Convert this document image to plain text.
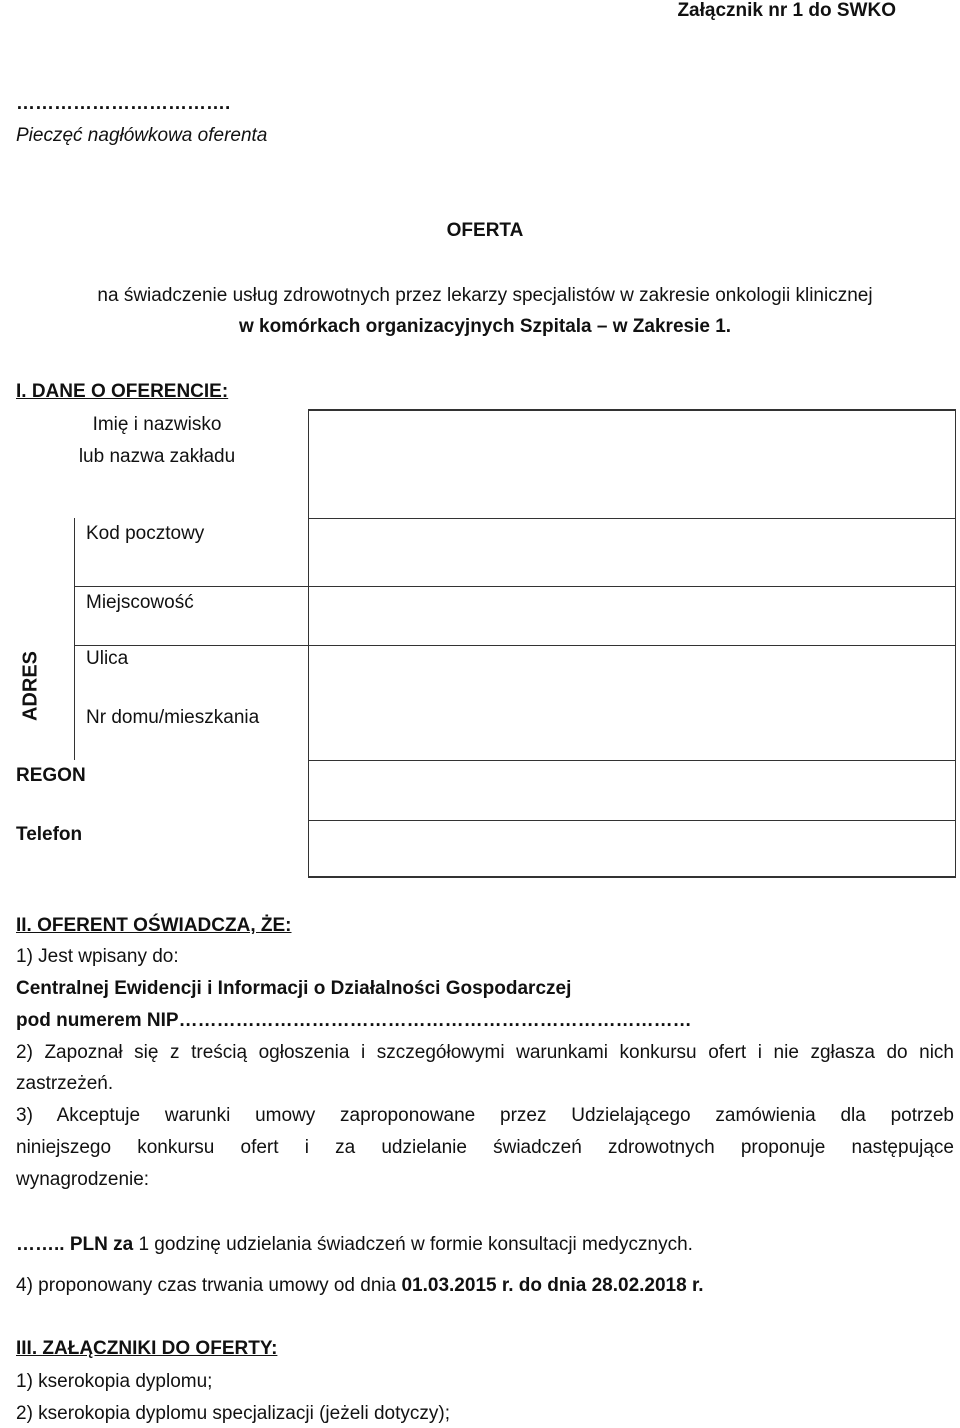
Załącznik nr 1 do SWKO
…………………………….
Pieczęć nagłówkowa oferenta
OFERTA
na świadczenie usług zdrowotnych przez lekarzy specjalistów w zakresie onkologii klinicznej
w komórkach organizacyjnych Szpitala – w Zakresie 1.
I. DANE O OFERENCIE:
Imię i nazwisko
lub nazwa zakładu
ADRES
Kod pocztowy
Miejscowość
Ulica
Nr domu/mieszkania
REGON
Telefon
II. OFERENT OŚWIADCZA, ŻE:
1) Jest wpisany do:
Centralnej Ewidencji i Informacji o Działalności Gospodarczej
pod numerem NIP………………………………………………………………………
2) Zapoznał się z treścią ogłoszenia i szczegółowymi warunkami konkursu ofert i nie zgłasza do nich
zastrzeżeń.
3) Akceptuje warunki umowy zaproponowane przez Udzielającego zamówienia dla potrzeb
niniejszego konkursu ofert i za udzielanie świadczeń zdrowotnych proponuje następujące
wynagrodzenie:
…….. PLN za 1 godzinę udzielania świadczeń w formie konsultacji medycznych.
4) proponowany czas trwania umowy od dnia 01.03.2015 r. do dnia 28.02.2018 r.
III. ZAŁĄCZNIKI DO OFERTY:
1) kserokopia dyplomu;
2) kserokopia dyplomu specjalizacji (jeżeli dotyczy);
